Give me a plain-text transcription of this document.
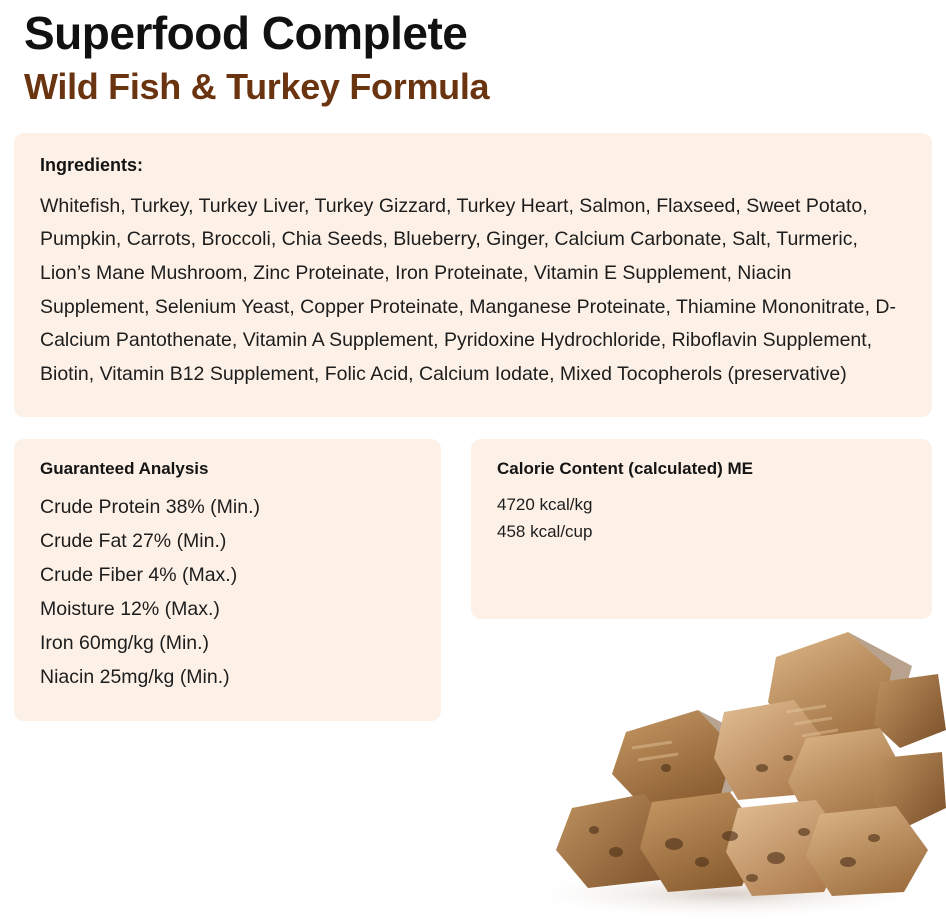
Superfood Complete
Wild Fish & Turkey Formula
Ingredients:

Whitefish, Turkey, Turkey Liver, Turkey Gizzard, Turkey Heart, Salmon, Flaxseed, Sweet Potato, Pumpkin, Carrots, Broccoli, Chia Seeds, Blueberry, Ginger, Calcium Carbonate, Salt, Turmeric, Lion’s Mane Mushroom, Zinc Proteinate, Iron Proteinate, Vitamin E Supplement, Niacin Supplement, Selenium Yeast, Copper Proteinate, Manganese Proteinate, Thiamine Mononitrate, D-Calcium Pantothenate, Vitamin A Supplement, Pyridoxine Hydrochloride, Riboflavin Supplement, Biotin, Vitamin B12 Supplement, Folic Acid, Calcium Iodate, Mixed Tocopherols (preservative)

Guaranteed Analysis
Crude Protein 38% (Min.)
Crude Fat 27% (Min.)
Crude Fiber 4% (Max.)
Moisture 12% (Max.)
Iron 60mg/kg (Min.)
Niacin 25mg/kg (Min.)
Calorie Content (calculated) ME
4720 kcal/kg
458 kcal/cup
